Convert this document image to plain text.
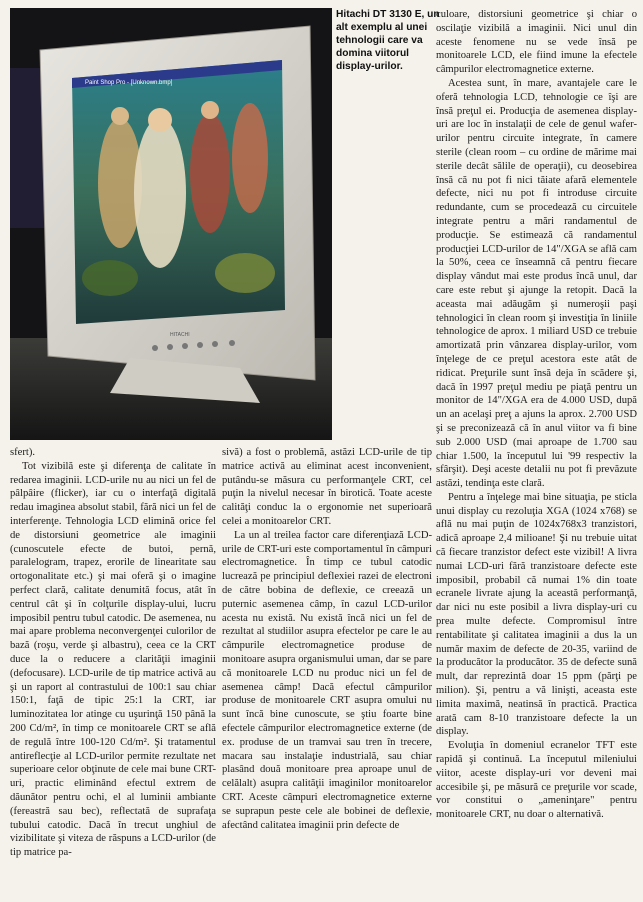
Paint Shop Pro - [Unknown.bmp]
HITACHI
Hitachi DT 3130 E, un alt exemplu al unei tehnologii care va domina viitorul display-urilor.

sfert).

Tot vizibilă este şi diferenţa de calitate în redarea imaginii. LCD-urile nu au nici un fel de pâlpâire (flicker), iar cu o interfaţă digitală redau imaginea absolut stabil, fără nici un fel de interferenţe. Tehnologia LCD elimină orice fel de distorsiuni geometrice ale imaginii (cunoscutele efecte de butoi, pernă, paralelogram, trapez, erorile de linearitate sau ortogonalitate etc.) şi mai oferă şi o imagine perfect clară, calitate denumită focus, atât în centrul cât şi în colţurile display-ului, lucru imposibil pentru tubul catodic. De asemenea, nu mai apare problema neconvergenţei culorilor de bază (roşu, verde şi albastru), ceea ce la CRT duce la o reducere a clarităţii imaginii (defocusare). LCD-urile de tip matrice activă au şi un raport al contrastului de 100:1 sau chiar 150:1, faţă de tipic 25:1 la CRT, iar luminozitatea lor atinge cu uşurinţă 150 până la 200 Cd/m², în timp ce monitoarele CRT se află de regulă între 100-120 Cd/m². Şi tratamentul antireflecţie al LCD-urilor permite rezultate net superioare celor obţinute de cele mai bune CRT-uri, practic eliminând efectul extrem de dăunător pentru ochi, el al luminii ambiante (fereastră sau bec), reflectată de suprafaţa tubului catodic. Dacă în trecut unghiul de vizibilitate şi viteza de răspuns a LCD-urilor (de tip matrice pa-

sivă) a fost o problemă, astăzi LCD-urile de tip matrice activă au eliminat acest inconvenient, putându-se măsura cu performanţele CRT, cel puţin la nivelul necesar în birotică. Toate aceste calităţi conduc la o ergonomie net superioară celei a monitoarelor CRT.

La un al treilea factor care diferenţiază LCD-urile de CRT-uri este comportamentul în câmpuri electromagnetice. În timp ce tubul catodic lucrează pe principiul deflexiei razei de electroni de către bobina de deflexie, ce creează un puternic asemenea câmp, în cazul LCD-urilor acesta nu există. Nu există încă nici un fel de rezultat al studiilor asupra efectelor pe care le au câmpurile electromagnetice produse de monitoare asupra organismului uman, dar se pare că monitoarele LCD nu produc nici un fel de asemenea câmp! Dacă efectul câmpurilor produse de monitoarele CRT asupra omului nu sunt încă bine cunoscute, se ştiu foarte bine efectele câmpurilor electromagnetice externe (de ex. produse de un tramvai sau tren în trecere, macara sau instalaţie industrială, sau chiar plasând două monitoare prea aproape unul de celălalt) asupra calităţii imaginilor monitoarelor CRT. Aceste câmpuri electromagnetice externe se suprapun peste cele ale bobinei de deflexie, afectând calitatea imaginii prin defecte de

culoare, distorsiuni geometrice şi chiar o oscilaţie vizibilă a imaginii. Nici unul din aceste fenomene nu se vede însă pe monitoarele LCD, ele fiind imune la efectele câmpurilor electromagnetice externe.

Acestea sunt, în mare, avantajele care le oferă tehnologia LCD, tehnologie ce îşi are însă preţul ei. Producţia de asemenea display-uri are loc în instalaţii de cele de genul wafer-urilor pentru circuite integrate, în camere sterile (clean room – cu ordine de mărime mai sterile decât sălile de operaţii), cu deosebirea însă că nu pot fi nici tăiate afară elementele defecte, nici nu pot fi introduse circuite redundante, cum se procedează cu circuitele integrate pentru a mări randamentul de producţie. Se estimează că randamentul producţiei LCD-urilor de 14"/XGA se află cam la 50%, ceea ce înseamnă că pentru fiecare display vândut mai este produs încă unul, dar care este rebut şi ajunge la retopit. Dacă la aceasta mai adăugăm şi numeroşii paşi tehnologici în clean room şi investiţia în liniile tehnologice de aprox. 1 miliard USD ce trebuie amortizată prin vânzarea display-urilor, vom înţelege de ce preţul acestora este atât de ridicat. Preţurile sunt însă deja în scădere şi, dacă în 1997 preţul mediu pe piaţă pentru un monitor de 14"/XGA era de 4.000 USD, după un an acelaşi preţ a ajuns la aprox. 2.700 USD şi se preconizează că în anul viitor va fi bine sub 2.000 USD (mai aproape de 1.700 sau chiar 1.500, la începutul lui '99 respectiv la sfârşit). Deşi aceste detalii nu pot fi prevăzute astăzi, tendinţa este clară.

Pentru a înţelege mai bine situaţia, pe sticla unui display cu rezoluţia XGA (1024 x768) se află nu mai puţin de 1024x768x3 tranzistori, adică aproape 2,4 milioane! Şi nu trebuie uitat că fiecare tranzistor defect este vizibil! A livra numai LCD-uri fără tranzistoare defecte este imposibil, probabil că numai 1% din toate ecranele livrate ajung la această performanţă, dar nici nu este posibil a livra display-uri cu prea multe defecte. Compromisul între rentabilitate şi calitatea imaginii a dus la un număr maxim de defecte de 20-35, variind de la producător la producător. 35 de defecte sună mult, dar reprezintă doar 15 ppm (părţi pe milion). Şi, pentru a vă linişti, aceasta este limita maximă, neatinsă în practică. Practica arată cam 8-10 tranzistoare defecte la un display.

Evoluţia în domeniul ecranelor TFT este rapidă şi continuă. La începutul mileniului viitor, aceste display-uri vor deveni mai accesibile şi, pe măsură ce preţurile vor scade, vor constitui o „ameninţare" pentru monitoarele CRT, nu doar o alternativă.
